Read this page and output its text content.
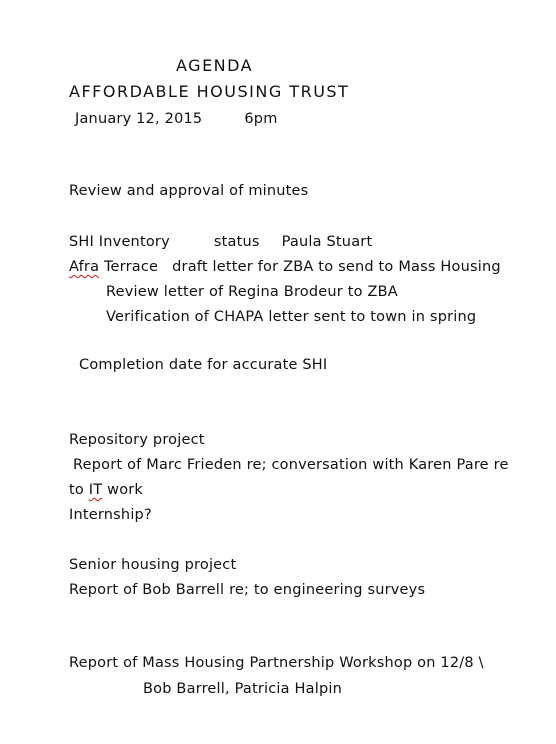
AGENDA

AFFORDABLE HOUSING TRUST

January 12, 2015	6pm

Review and approval of minutes

SHI Inventory	status Paula Stuart

Afra Terrace draft letter for ZBA to send to Mass Housing

Review letter of Regina Brodeur to ZBA

Verification of CHAPA letter sent to town in spring

Completion date for accurate SHI

Repository project

Report of Marc Frieden re; conversation with Karen Pare re

to IT work

Internship?

Senior housing project

Report of Bob Barrell re; to engineering surveys

Report of Mass Housing Partnership Workshop on 12/8 \

Bob Barrell, Patricia Halpin
